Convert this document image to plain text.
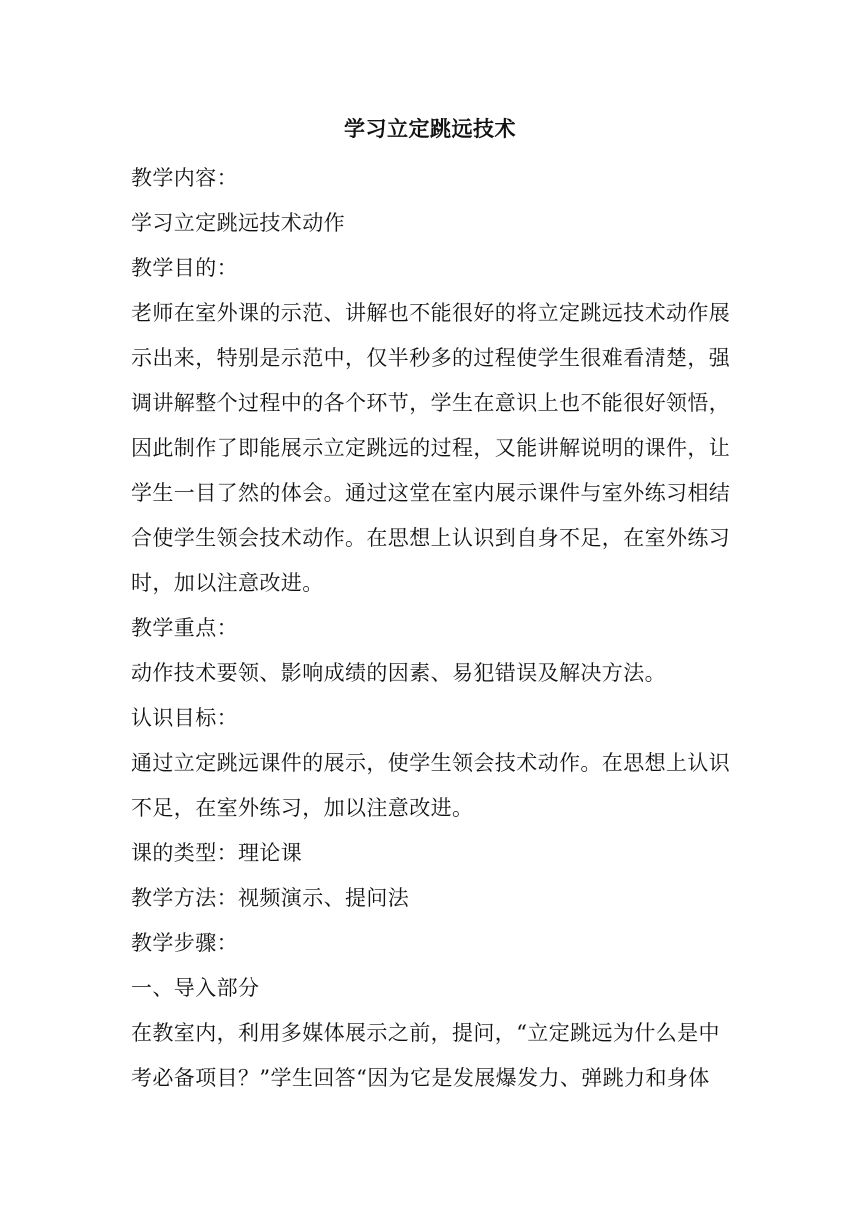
学习立定跳远技术

教学内容：

学习立定跳远技术动作

教学目的：

老师在室外课的示范、讲解也不能很好的将立定跳远技术动作展

示出来，特别是示范中，仅半秒多的过程使学生很难看清楚，强

调讲解整个过程中的各个环节，学生在意识上也不能很好领悟，

因此制作了即能展示立定跳远的过程，又能讲解说明的课件，让

学生一目了然的体会。通过这堂在室内展示课件与室外练习相结

合使学生领会技术动作。在思想上认识到自身不足，在室外练习

时，加以注意改进。

教学重点：

动作技术要领、影响成绩的因素、易犯错误及解决方法。

认识目标：

通过立定跳远课件的展示，使学生领会技术动作。在思想上认识

不足，在室外练习，加以注意改进。

课的类型：理论课

教学方法：视频演示、提问法

教学步骤：

一、导入部分

在教室内，利用多媒体展示之前，提问，“立定跳远为什么是中

考必备项目？”学生回答“因为它是发展爆发力、弹跳力和身体
